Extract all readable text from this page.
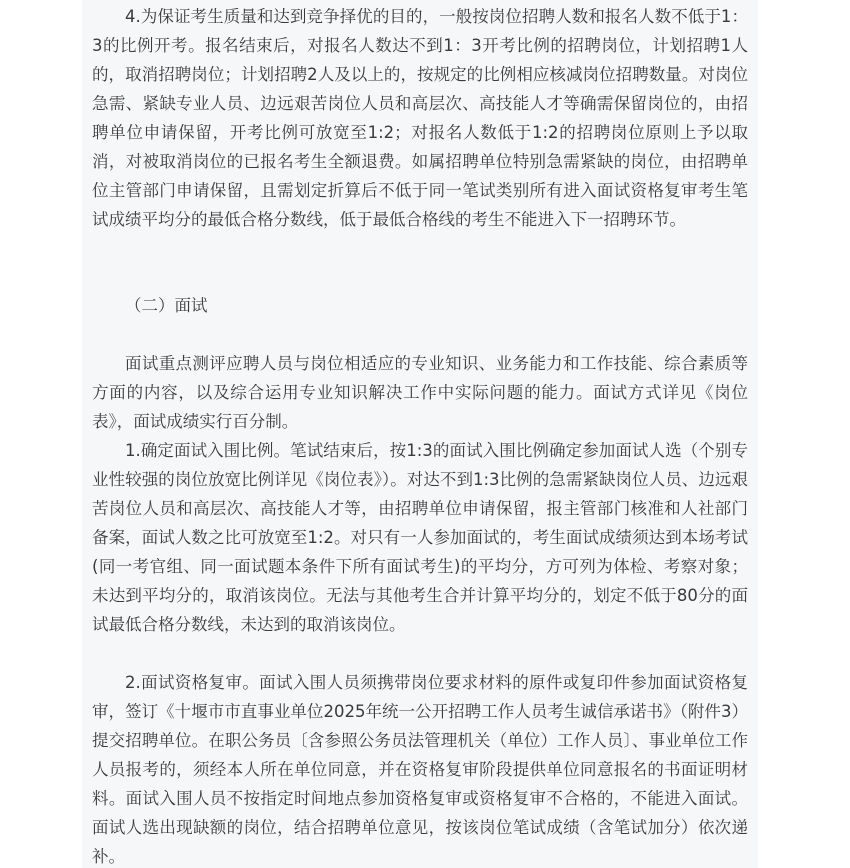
4.为保证考生质量和达到竞争择优的目的，一般按岗位招聘人数和报名人数不低于1：3的比例开考。报名结束后，对报名人数达不到1：3开考比例的招聘岗位，计划招聘1人的，取消招聘岗位；计划招聘2人及以上的，按规定的比例相应核减岗位招聘数量。对岗位急需、紧缺专业人员、边远艰苦岗位人员和高层次、高技能人才等确需保留岗位的，由招聘单位申请保留，开考比例可放宽至1:2；对报名人数低于1:2的招聘岗位原则上予以取消，对被取消岗位的已报名考生全额退费。如属招聘单位特别急需紧缺的岗位，由招聘单位主管部门申请保留，且需划定折算后不低于同一笔试类别所有进入面试资格复审考生笔试成绩平均分的最低合格分数线，低于最低合格线的考生不能进入下一招聘环节。

（二）面试

面试重点测评应聘人员与岗位相适应的专业知识、业务能力和工作技能、综合素质等方面的内容，以及综合运用专业知识解决工作中实际问题的能力。面试方式详见《岗位表》，面试成绩实行百分制。

1.确定面试入围比例。笔试结束后，按1:3的面试入围比例确定参加面试人选（个别专业性较强的岗位放宽比例详见《岗位表》）。对达不到1:3比例的急需紧缺岗位人员、边远艰苦岗位人员和高层次、高技能人才等，由招聘单位申请保留，报主管部门核准和人社部门备案，面试人数之比可放宽至1:2。对只有一人参加面试的，考生面试成绩须达到本场考试(同一考官组、同一面试题本条件下所有面试考生)的平均分，方可列为体检、考察对象；未达到平均分的，取消该岗位。无法与其他考生合并计算平均分的，划定不低于80分的面试最低合格分数线，未达到的取消该岗位。

2.面试资格复审。面试入围人员须携带岗位要求材料的原件或复印件参加面试资格复审，签订《十堰市市直事业单位2025年统一公开招聘工作人员考生诚信承诺书》（附件3）提交招聘单位。在职公务员〔含参照公务员法管理机关（单位）工作人员〕、事业单位工作人员报考的，须经本人所在单位同意，并在资格复审阶段提供单位同意报名的书面证明材料。面试入围人员不按指定时间地点参加资格复审或资格复审不合格的，不能进入面试。面试人选出现缺额的岗位，结合招聘单位意见，按该岗位笔试成绩（含笔试加分）依次递补。
